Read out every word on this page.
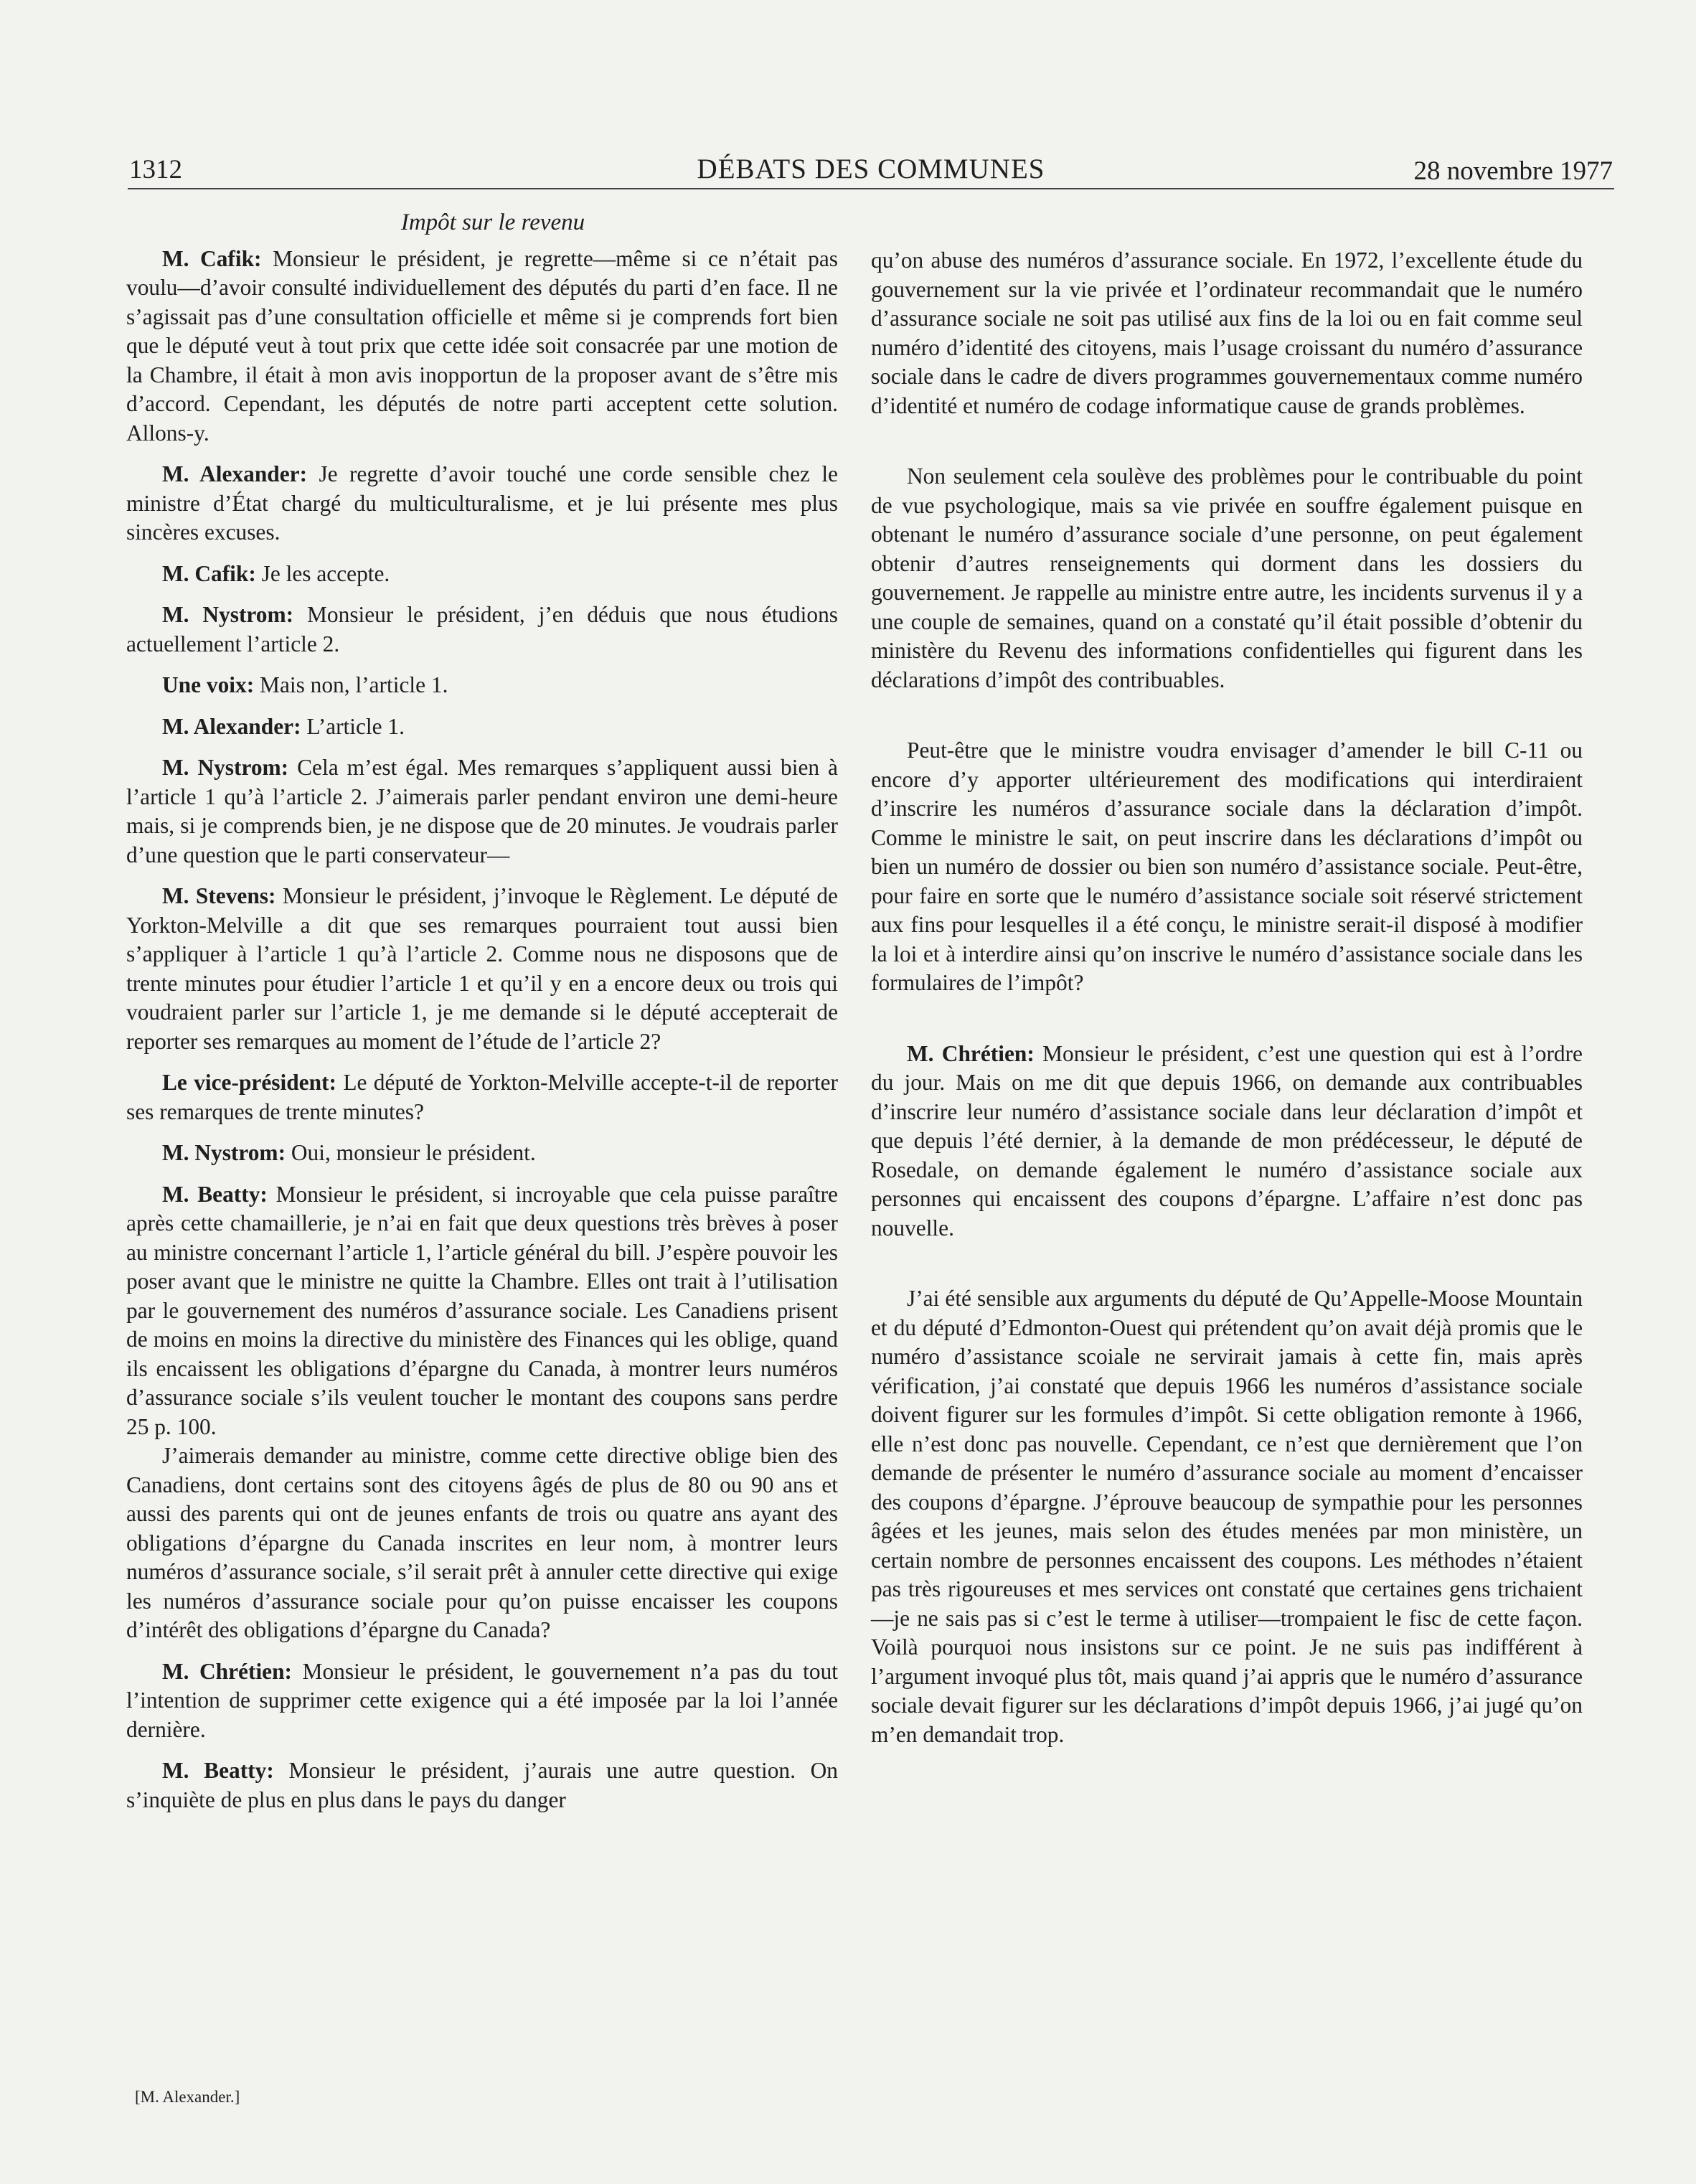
1312	DÉBATS DES COMMUNES	28 novembre 1977
Impôt sur le revenu

M. Cafik: Monsieur le président, je regrette—même si ce n’était pas voulu—d’avoir consulté individuellement des députés du parti d’en face. Il ne s’agissait pas d’une consultation officielle et même si je comprends fort bien que le député veut à tout prix que cette idée soit consacrée par une motion de la Chambre, il était à mon avis inopportun de la proposer avant de s’être mis d’accord. Cependant, les députés de notre parti acceptent cette solution. Allons-y.

M. Alexander: Je regrette d’avoir touché une corde sensible chez le ministre d’État chargé du multiculturalisme, et je lui présente mes plus sincères excuses.

M. Cafik: Je les accepte.

M. Nystrom: Monsieur le président, j’en déduis que nous étudions actuellement l’article 2.

Une voix: Mais non, l’article 1.

M. Alexander: L’article 1.

M. Nystrom: Cela m’est égal. Mes remarques s’appliquent aussi bien à l’article 1 qu’à l’article 2. J’aimerais parler pendant environ une demi-heure mais, si je comprends bien, je ne dispose que de 20 minutes. Je voudrais parler d’une question que le parti conservateur—

M. Stevens: Monsieur le président, j’invoque le Règlement. Le député de Yorkton-Melville a dit que ses remarques pourraient tout aussi bien s’appliquer à l’article 1 qu’à l’article 2. Comme nous ne disposons que de trente minutes pour étudier l’article 1 et qu’il y en a encore deux ou trois qui voudraient parler sur l’article 1, je me demande si le député accepterait de reporter ses remarques au moment de l’étude de l’article 2?

Le vice-président: Le député de Yorkton-Melville accepte-t-il de reporter ses remarques de trente minutes?

M. Nystrom: Oui, monsieur le président.

M. Beatty: Monsieur le président, si incroyable que cela puisse paraître après cette chamaillerie, je n’ai en fait que deux questions très brèves à poser au ministre concernant l’article 1, l’article général du bill. J’espère pouvoir les poser avant que le ministre ne quitte la Chambre. Elles ont trait à l’utilisation par le gouvernement des numéros d’assurance sociale. Les Canadiens prisent de moins en moins la directive du ministère des Finances qui les oblige, quand ils encaissent les obligations d’épargne du Canada, à montrer leurs numéros d’assurance sociale s’ils veulent toucher le montant des coupons sans perdre 25 p. 100.

J’aimerais demander au ministre, comme cette directive oblige bien des Canadiens, dont certains sont des citoyens âgés de plus de 80 ou 90 ans et aussi des parents qui ont de jeunes enfants de trois ou quatre ans ayant des obligations d’épargne du Canada inscrites en leur nom, à montrer leurs numéros d’assurance sociale, s’il serait prêt à annuler cette directive qui exige les numéros d’assurance sociale pour qu’on puisse encaisser les coupons d’intérêt des obligations d’épargne du Canada?

M. Chrétien: Monsieur le président, le gouvernement n’a pas du tout l’intention de supprimer cette exigence qui a été imposée par la loi l’année dernière.

M. Beatty: Monsieur le président, j’aurais une autre question. On s’inquiète de plus en plus dans le pays du danger

qu’on abuse des numéros d’assurance sociale. En 1972, l’excellente étude du gouvernement sur la vie privée et l’ordinateur recommandait que le numéro d’assurance sociale ne soit pas utilisé aux fins de la loi ou en fait comme seul numéro d’identité des citoyens, mais l’usage croissant du numéro d’assurance sociale dans le cadre de divers programmes gouvernementaux comme numéro d’identité et numéro de codage informatique cause de grands problèmes.

Non seulement cela soulève des problèmes pour le contribuable du point de vue psychologique, mais sa vie privée en souffre également puisque en obtenant le numéro d’assurance sociale d’une personne, on peut également obtenir d’autres renseignements qui dorment dans les dossiers du gouvernement. Je rappelle au ministre entre autre, les incidents survenus il y a une couple de semaines, quand on a constaté qu’il était possible d’obtenir du ministère du Revenu des informations confidentielles qui figurent dans les déclarations d’impôt des contribuables.

Peut-être que le ministre voudra envisager d’amender le bill C-11 ou encore d’y apporter ultérieurement des modifications qui interdiraient d’inscrire les numéros d’assurance sociale dans la déclaration d’impôt. Comme le ministre le sait, on peut inscrire dans les déclarations d’impôt ou bien un numéro de dossier ou bien son numéro d’assistance sociale. Peut-être, pour faire en sorte que le numéro d’assistance sociale soit réservé strictement aux fins pour lesquelles il a été conçu, le ministre serait-il disposé à modifier la loi et à interdire ainsi qu’on inscrive le numéro d’assistance sociale dans les formulaires de l’impôt?

M. Chrétien: Monsieur le président, c’est une question qui est à l’ordre du jour. Mais on me dit que depuis 1966, on demande aux contribuables d’inscrire leur numéro d’assistance sociale dans leur déclaration d’impôt et que depuis l’été dernier, à la demande de mon prédécesseur, le député de Rosedale, on demande également le numéro d’assistance sociale aux personnes qui encaissent des coupons d’épargne. L’affaire n’est donc pas nouvelle.

J’ai été sensible aux arguments du député de Qu’Appelle-Moose Mountain et du député d’Edmonton-Ouest qui prétendent qu’on avait déjà promis que le numéro d’assistance scoiale ne servirait jamais à cette fin, mais après vérification, j’ai constaté que depuis 1966 les numéros d’assistance sociale doivent figurer sur les formules d’impôt. Si cette obligation remonte à 1966, elle n’est donc pas nouvelle. Cependant, ce n’est que dernièrement que l’on demande de présenter le numéro d’assurance sociale au moment d’encaisser des coupons d’épargne. J’éprouve beaucoup de sympathie pour les personnes âgées et les jeunes, mais selon des études menées par mon ministère, un certain nombre de personnes encaissent des coupons. Les méthodes n’étaient pas très rigoureuses et mes services ont constaté que certaines gens trichaient—je ne sais pas si c’est le terme à utiliser—trompaient le fisc de cette façon. Voilà pourquoi nous insistons sur ce point. Je ne suis pas indifférent à l’argument invoqué plus tôt, mais quand j’ai appris que le numéro d’assurance sociale devait figurer sur les déclarations d’impôt depuis 1966, j’ai jugé qu’on m’en demandait trop.

[M. Alexander.]
